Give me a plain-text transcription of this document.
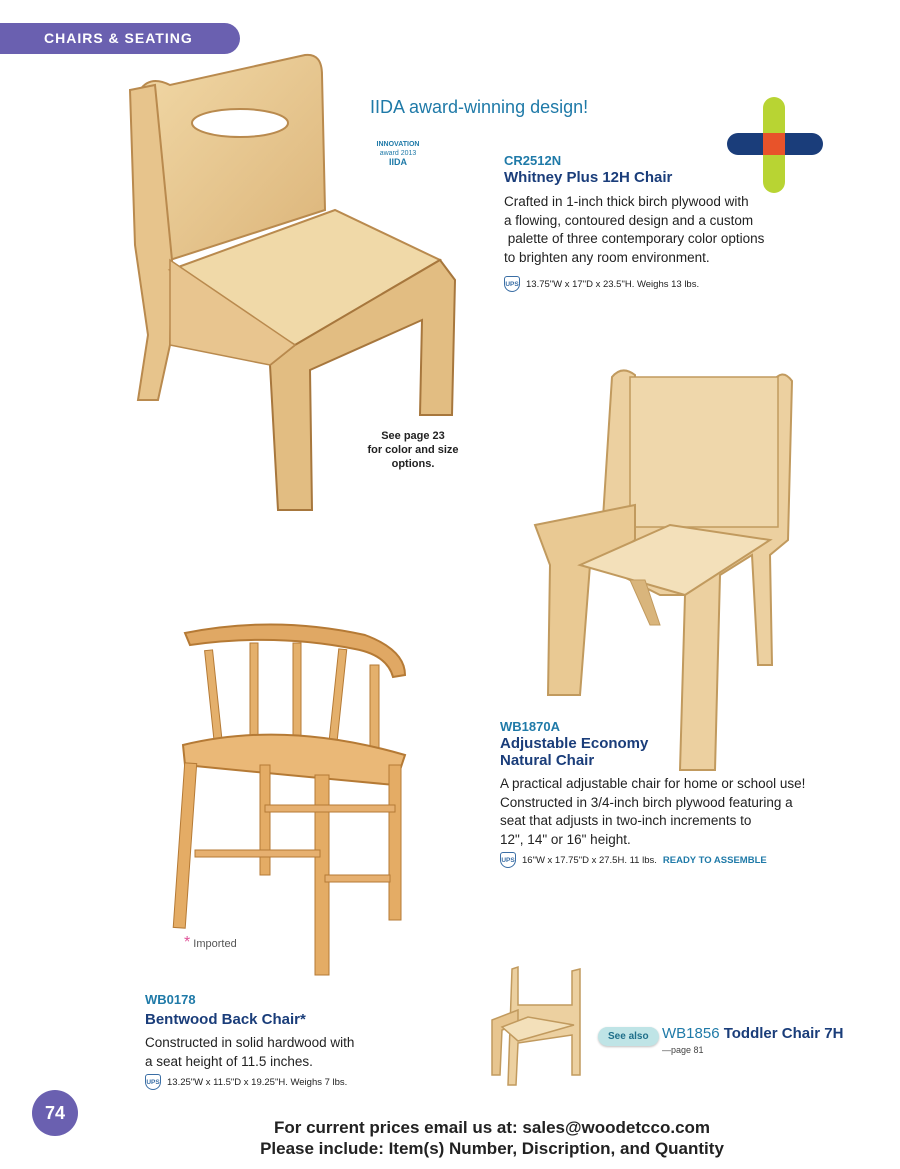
CHAIRS & SEATING
IIDA award-winning design!
INNOVATION
award 2013
IIDA	CR2512N
Whitney Plus 12H Chair
Crafted in 1-inch thick birch plywood with
a flowing, contoured design and a custom
palette of three contemporary color options
to brighten any room environment.
UPS 13.75"W x 17"D x 23.5"H. Weighs 13 lbs.
See page 23
for color and size
options.
WB1870A
Adjustable Economy
Natural Chair
A practical adjustable chair for home or school use!
Constructed in 3/4-inch birch plywood featuring a
seat that adjusts in two-inch increments to
12", 14" or 16" height.
UPS 16"W x 17.75"D x 27.5H. 11 lbs. READY TO ASSEMBLE
* Imported
WB0178
Bentwood Back Chair*
Constructed in solid hardwood with
a seat height of 11.5 inches.
UPS 13.25"W x 11.5"D x 19.25"H. Weighs 7 lbs.
See also WB1856 Toddler Chair 7H
—page 81
74
For current prices email us at: sales@woodetcco.com
Please include: Item(s) Number, Discription, and Quantity
